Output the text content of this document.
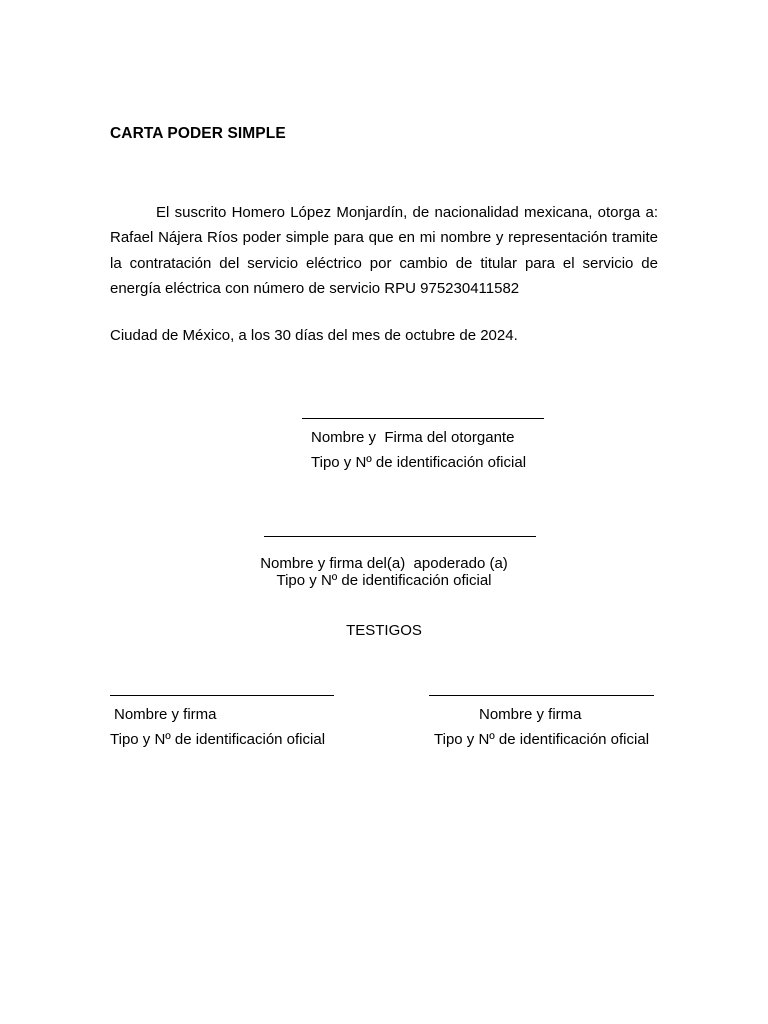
CARTA PODER SIMPLE
El suscrito Homero López Monjardín, de nacionalidad mexicana, otorga a: Rafael Nájera Ríos poder simple para que en mi nombre y representación tramite la contratación del servicio eléctrico por cambio de titular para el servicio de energía eléctrica con número de servicio RPU 975230411582
Ciudad de México, a los 30 días del mes de octubre de 2024.
Nombre y  Firma del otorgante
Tipo y Nº de identificación oficial
Nombre y firma del(a)  apoderado (a)
Tipo y Nº de identificación oficial
TESTIGOS
Nombre y firma
Tipo y Nº de identificación oficial
Nombre y firma
Tipo y Nº de identificación oficial
